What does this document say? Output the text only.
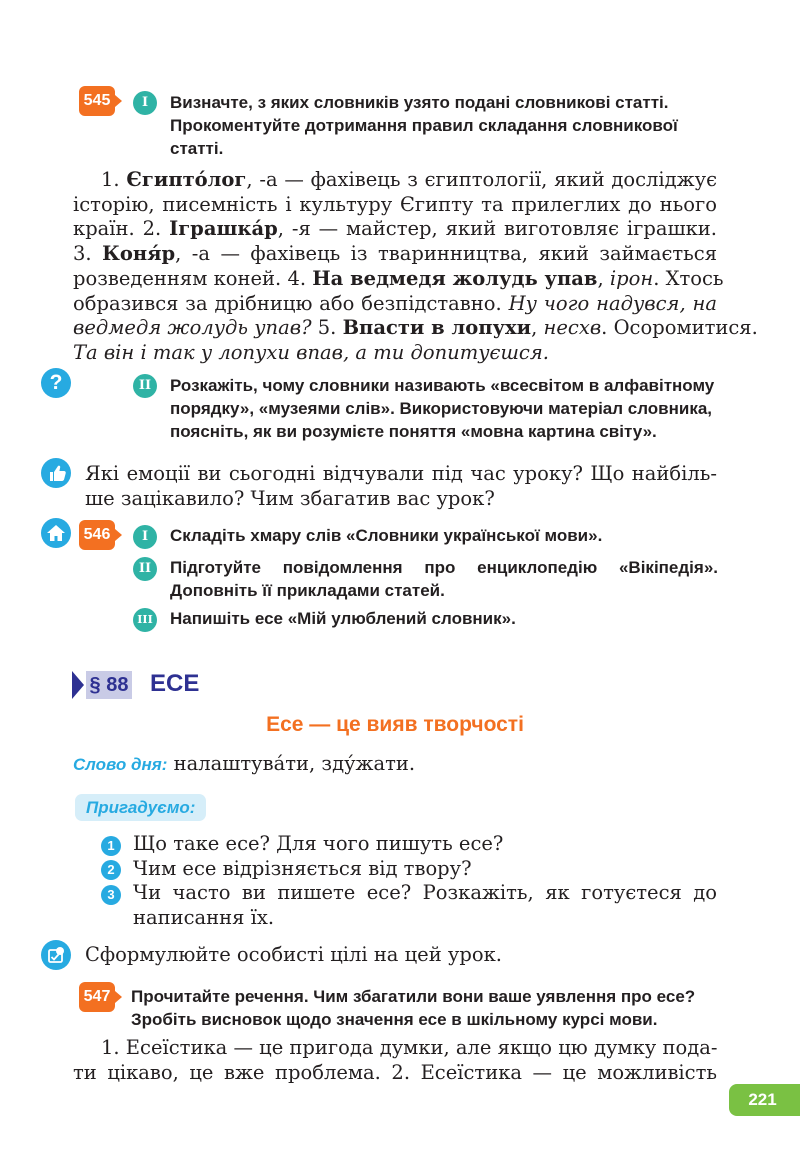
545	I	Визначте, з яких словників узято подані словникові статті.
Прокоментуйте дотримання правил складання словникової
статті.
1. Єгипто́лог, -а — фахівець з єгиптології, який досліджує
історію, писемність і культуру Єгипту та прилеглих до нього
країн. 2. Іграшка́р, -я — майстер, який виготовляє іграшки.
3. Коня́р, -а — фахівець із тваринництва, який займається
розведенням коней. 4. На ведмедя жолудь упав, ірон. Хтось
образився за дрібницю або безпідставно. Ну чого надувся, на
ведмедя жолудь упав? 5. Впасти в лопухи, несхв. Осоромитися.
Та він і так у лопухи впав, а ти допитуєшся.
?	II	Розкажіть, чому словники називають «всесвітом в алфавітному
порядку», «музеями слів». Використовуючи матеріал словника,
поясніть, як ви розумієте поняття «мовна картина світу».
Які емоції ви сьогодні відчували під час уроку? Що найбіль-
ше зацікавило? Чим збагатив вас урок?
546	I	Складіть хмару слів «Словники української мови».
II	Підготуйте повідомлення про енциклопедію «Вікіпедія».
Доповніть її прикладами статей.
III Напишіть есе «Мій улюблений словник».
§ 88 ЕСЕ
Есе — це вияв творчості
Слово дня: налаштува́ти, зду́жати.
Пригадуємо:
1 Що таке есе? Для чого пишуть есе?
2 Чим есе відрізняється від твору?
3 Чи часто ви пишете есе? Розкажіть, як готуєтеся до
написання їх.
Сформулюйте особисті цілі на цей урок.
547 Прочитайте речення. Чим збагатили вони ваше уявлення про есе?
Зробіть висновок щодо значення есе в шкільному курсі мови.
1. Есеїстика — це пригода думки, але якщо цю думку пода-
ти цікаво, це вже проблема. 2. Есеїстика — це можливість
221
